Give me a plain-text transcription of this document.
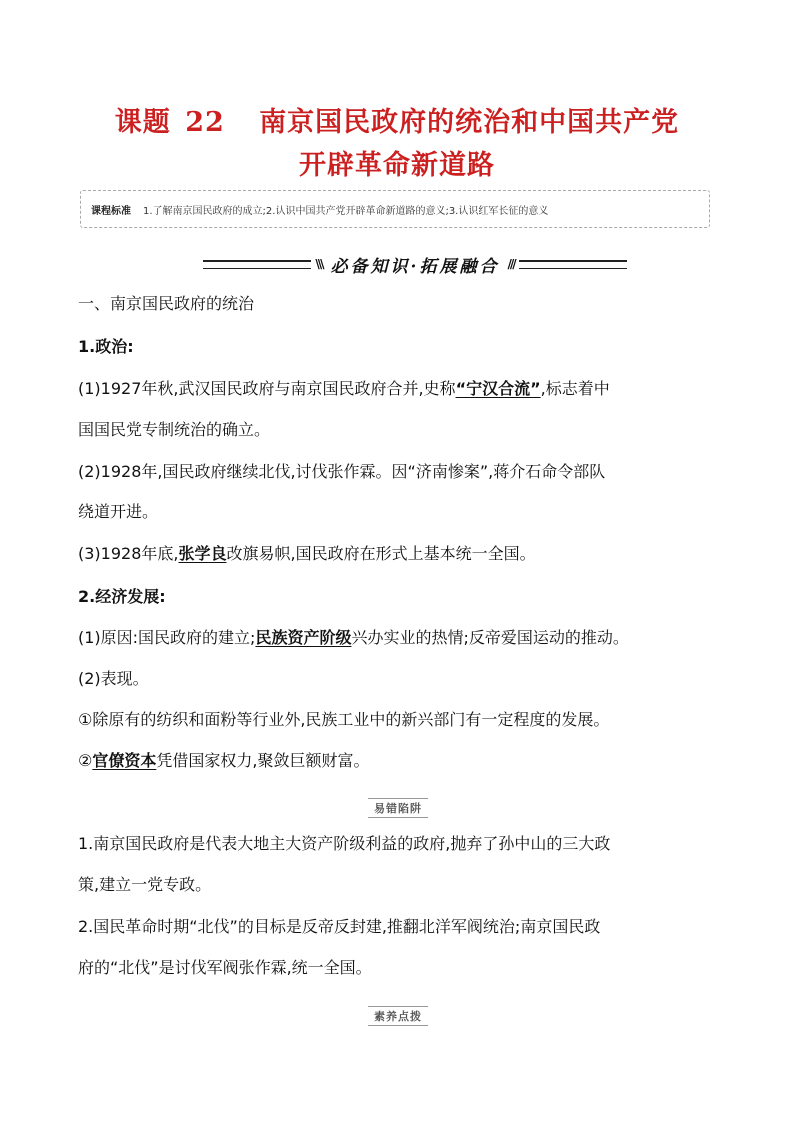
课题 22 南京国民政府的统治和中国共产党
开辟革命新道路
课程标准 1.了解南京国民政府的成立;2.认识中国共产党开辟革命新道路的意义;3.认识红军长征的意义
\\\ 必备知识·拓展融合 ///
一、南京国民政府的统治
1.政治:
(1)1927年秋,武汉国民政府与南京国民政府合并,史称“宁汉合流”,标志着中
国国民党专制统治的确立。
(2)1928年,国民政府继续北伐,讨伐张作霖。因“济南惨案”,蒋介石命令部队
绕道开进。
(3)1928年底,张学良改旗易帜,国民政府在形式上基本统一全国。
2.经济发展:
(1)原因:国民政府的建立;民族资产阶级兴办实业的热情;反帝爱国运动的推动。
(2)表现。
①除原有的纺织和面粉等行业外,民族工业中的新兴部门有一定程度的发展。
②官僚资本凭借国家权力,聚敛巨额财富。
易错陷阱
1.南京国民政府是代表大地主大资产阶级利益的政府,抛弃了孙中山的三大政
策,建立一党专政。
2.国民革命时期“北伐”的目标是反帝反封建,推翻北洋军阀统治;南京国民政
府的“北伐”是讨伐军阀张作霖,统一全国。
素养点拨
